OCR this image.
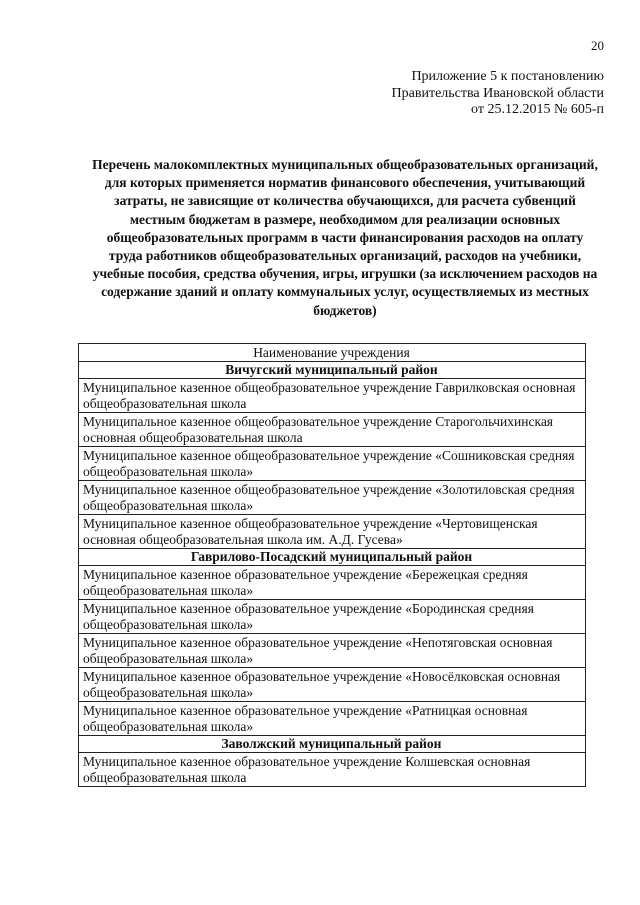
20
Приложение 5 к постановлению
Правительства Ивановской области
от 25.12.2015 № 605-п
Перечень малокомплектных муниципальных общеобразовательных организаций, для которых применяется норматив финансового обеспечения, учитывающий затраты, не зависящие от количества обучающихся, для расчета субвенций местным бюджетам в размере, необходимом для реализации основных общеобразовательных программ в части финансирования расходов на оплату труда работников общеобразовательных организаций, расходов на учебники, учебные пособия, средства обучения, игры, игрушки (за исключением расходов на содержание зданий и оплату коммунальных услуг, осуществляемых из местных бюджетов)
Наименование учреждения
Вичугский муниципальный район
Муниципальное казенное общеобразовательное учреждение Гаврилковская основная общеобразовательная школа
Муниципальное казенное общеобразовательное учреждение Старогольчихинская основная общеобразовательная школа
Муниципальное казенное общеобразовательное учреждение «Сошниковская средняя общеобразовательная школа»
Муниципальное казенное общеобразовательное учреждение «Золотиловская средняя общеобразовательная школа»
Муниципальное казенное общеобразовательное учреждение «Чертовищенская основная общеобразовательная школа им. А.Д. Гусева»
Гаврилово-Посадский муниципальный район
Муниципальное казенное образовательное учреждение «Бережецкая средняя общеобразовательная школа»
Муниципальное казенное образовательное учреждение «Бородинская средняя общеобразовательная школа»
Муниципальное казенное образовательное учреждение «Непотяговская основная общеобразовательная школа»
Муниципальное казенное образовательное учреждение «Новосёлковская основная общеобразовательная школа»
Муниципальное казенное образовательное учреждение «Ратницкая основная общеобразовательная школа»
Заволжский муниципальный район
Муниципальное казенное образовательное учреждение Колшевская основная общеобразовательная школа
